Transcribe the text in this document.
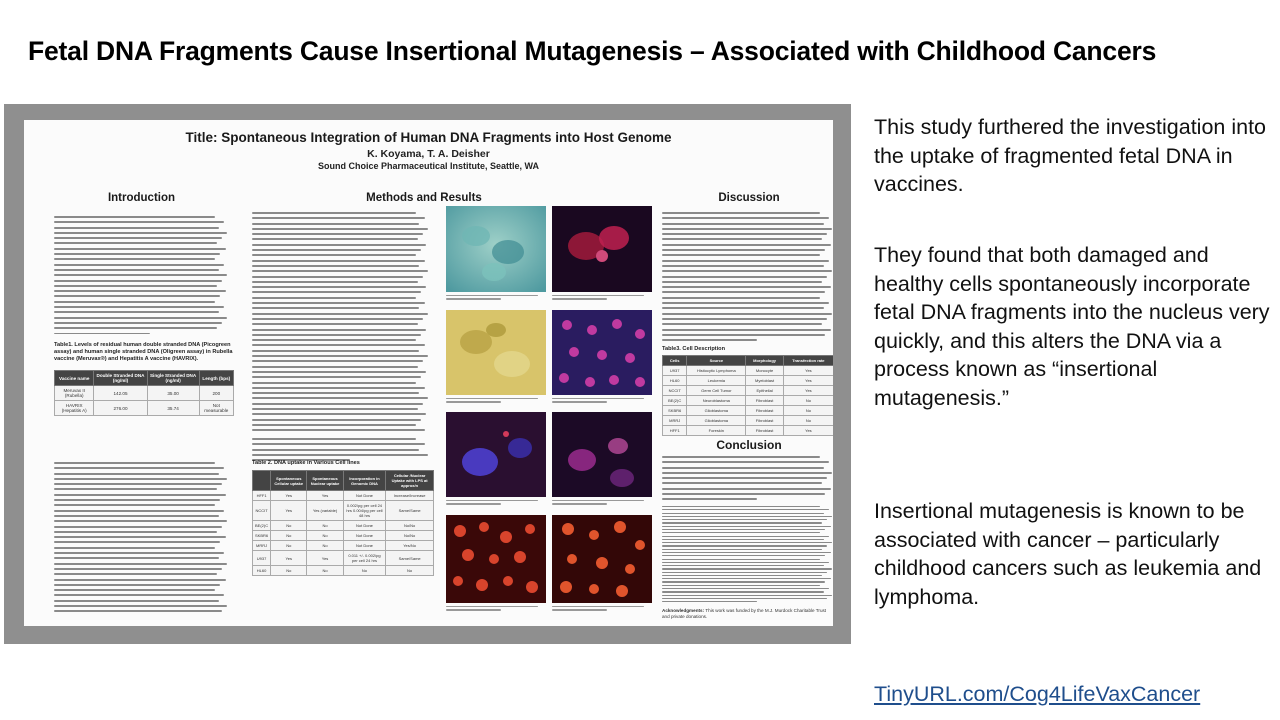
Fetal DNA Fragments Cause Insertional Mutagenesis – Associated with Childhood Cancers
Title: Spontaneous Integration of Human DNA Fragments into Host Genome
K. Koyama, T. A. Deisher
Sound Choice Pharmaceutical Institute, Seattle, WA
Introduction
Table1. Levels of residual human double stranded DNA (Picogreen assay) and human single stranded DNA (Oligreen assay) in Rubella vaccine (Meruvax®) and Hepatitis A vaccine (HAVRIX).
Vaccine name	Double Stranded DNA (ng/ml)	Single Stranded DNA (ng/ml)	Length (bps)
Meruvax II (Rubella)	142.05	35.00	200
HAVRIX (Hepatitis A)	276.00	35.74	Not measurable
Methods and Results
Table 2. DNA uptake in Various Cell lines
	Spontaneous Cellular uptake	Spontaneous Nuclear uptake	Incorporation in Genomic DNA	Cellular /Nuclear Uptake with LPS at approx/n
HFF1	Yes	Yes	Not Done	Increase/Increase
NCCIT	Yes	Yes (variable)	0.002/pg per cell 24 hrs 0.004/pg per cell 48 hrs	Same/Same
BE(2)C	No	No	Not Done	No/No
SKBR6	No	No	Not Done	No/No
MRRJ	No	No	Not Done	Yes/No
U937	Yes	Yes	0.011 +/- 0.002/pg per cell 24 hrs	Same/Same
HL60	No	No	No	No
Discussion
Table3. Cell Description
Cells	Source	Morphology	Transfection rate
U937	Histiocytic Lymphoma	Monocyte	Yes
HL60	Leukemia	Myeloblast	Yes
NCCIT	Germ Cell Tumor	Epithelial	Yes
BE(2)C	Neuroblastoma	Fibroblast	No
SKBR6	Glioblastoma	Fibroblast	No
MRRJ	Glioblastoma	Fibroblast	No
HFF1	Foreskin	Fibroblast	Yes
Conclusion
Acknowledgments: This work was funded by the M.J. Murdock Charitable Trust and private donations.
This study furthered the investigation into the uptake of fragmented fetal DNA in vaccines.
They found that both damaged and healthy cells spontaneously incorporate fetal DNA fragments into the nucleus very quickly, and this alters the DNA via a process known as “insertional mutagenesis.”
Insertional mutagenesis is known to be associated with cancer – particularly childhood cancers such as leukemia and lymphoma.
TinyURL.com/Cog4LifeVaxCancer
